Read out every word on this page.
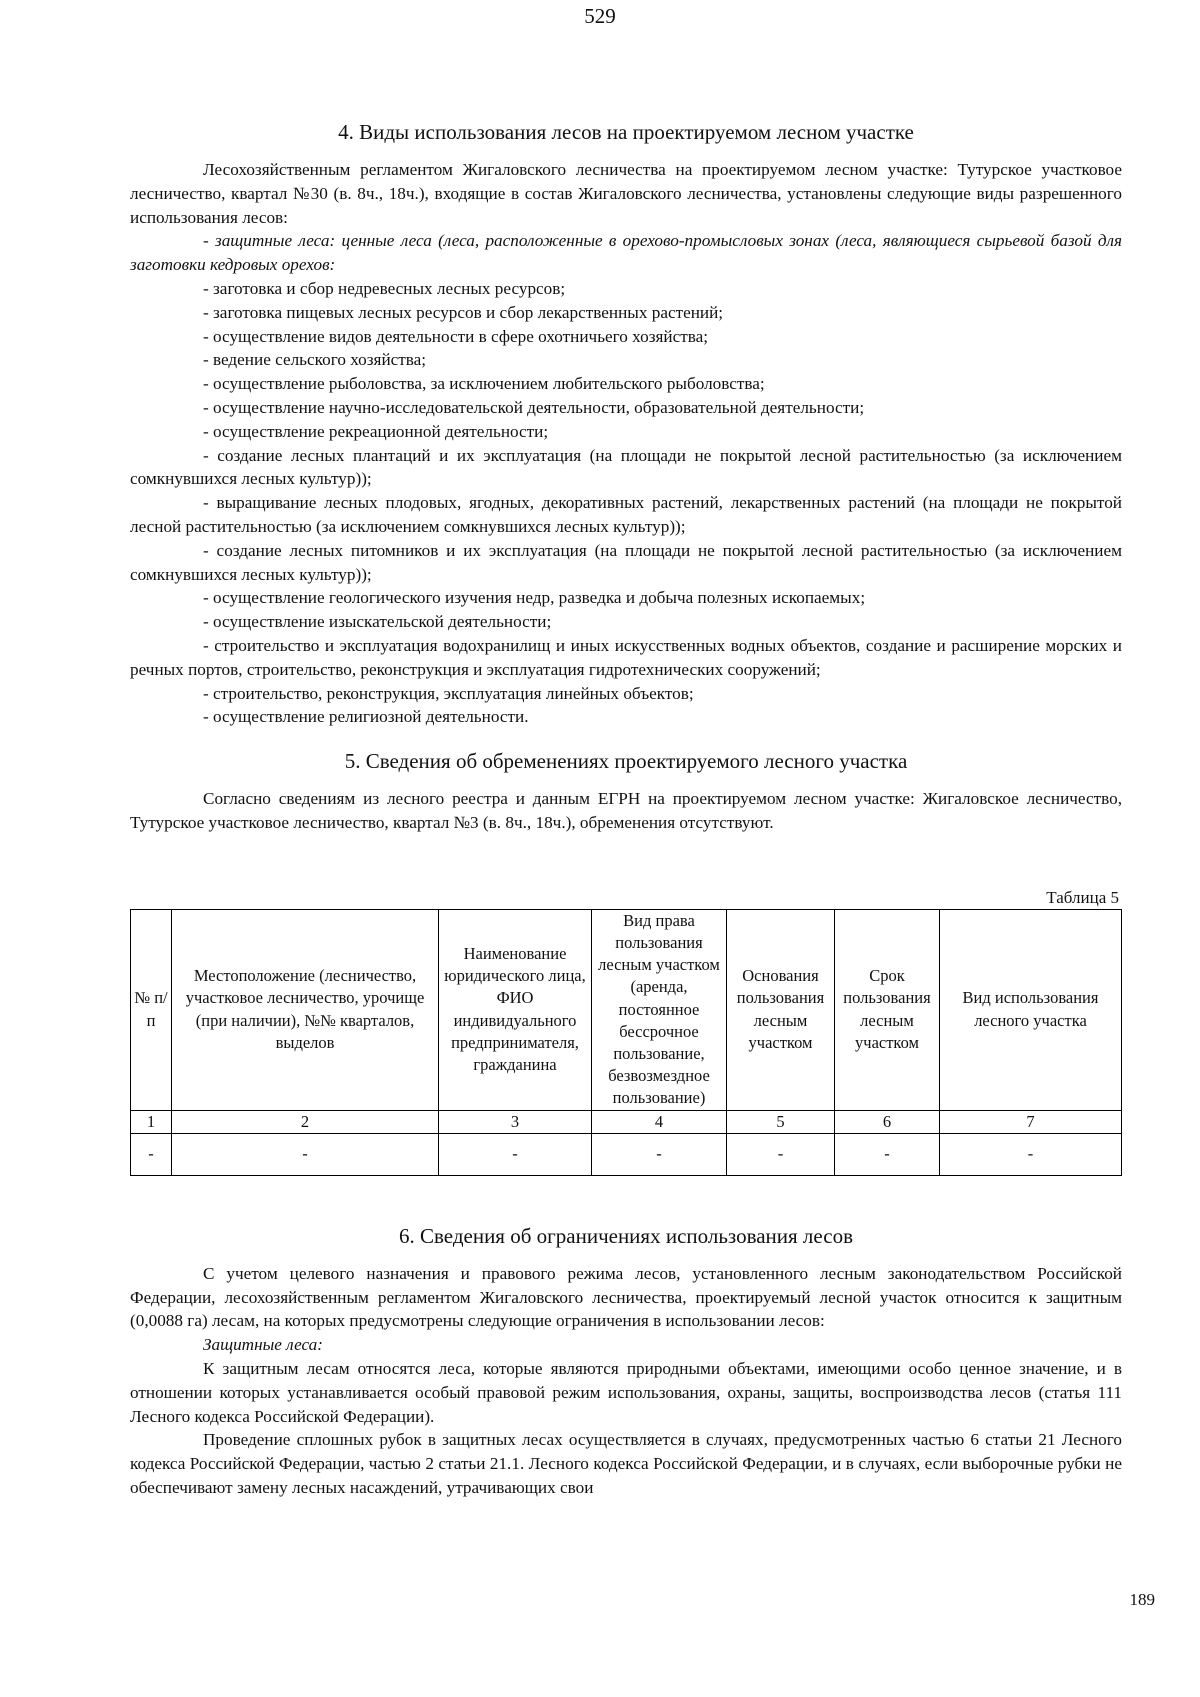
529
4. Виды использования лесов на проектируемом лесном участке

Лесохозяйственным регламентом Жигаловского лесничества на проектируемом лесном участке: Тутурское участковое лесничество, квартал №30 (в. 8ч., 18ч.), входящие в состав Жигаловского лесничества, установлены следующие виды разрешенного использования лесов:

- защитные леса: ценные леса (леса, расположенные в орехово-промысловых зонах (леса, являющиеся сырьевой базой для заготовки кедровых орехов:

- заготовка и сбор недревесных лесных ресурсов;

- заготовка пищевых лесных ресурсов и сбор лекарственных растений;

- осуществление видов деятельности в сфере охотничьего хозяйства;

- ведение сельского хозяйства;

- осуществление рыболовства, за исключением любительского рыболовства;

- осуществление научно-исследовательской деятельности, образовательной деятельности;

- осуществление рекреационной деятельности;

- создание лесных плантаций и их эксплуатация (на площади не покрытой лесной растительностью (за исключением сомкнувшихся лесных культур));

- выращивание лесных плодовых, ягодных, декоративных растений, лекарственных растений (на площади не покрытой лесной растительностью (за исключением сомкнувшихся лесных культур));

- создание лесных питомников и их эксплуатация (на площади не покрытой лесной растительностью (за исключением сомкнувшихся лесных культур));

- осуществление геологического изучения недр, разведка и добыча полезных ископаемых;

- осуществление изыскательской деятельности;

- строительство и эксплуатация водохранилищ и иных искусственных водных объектов, создание и расширение морских и речных портов, строительство, реконструкция и эксплуатация гидротехнических сооружений;

- строительство, реконструкция, эксплуатация линейных объектов;

- осуществление религиозной деятельности.

5. Сведения об обременениях проектируемого лесного участка

Согласно сведениям из лесного реестра и данным ЕГРН на проектируемом лесном участке: Жигаловское лесничество, Тутурское участковое лесничество, квартал №3 (в. 8ч., 18ч.), обременения отсутствуют.

Таблица 5
№ п/п	Местоположение (лесничество, участковое лесничество, урочище (при наличии), №№ кварталов, выделов	Наименование юридического лица, ФИО индивидуального предпринимателя, гражданина	Вид права пользования лесным участком (аренда, постоянное бессрочное пользование, безвозмездное пользование)	Основания пользования лесным участком	Срок пользования лесным участком	Вид использования лесного участка
1	2	3	4	5	6	7
-	-	-	-	-	-	-
6. Сведения об ограничениях использования лесов

С учетом целевого назначения и правового режима лесов, установленного лесным законодательством Российской Федерации, лесохозяйственным регламентом Жигаловского лесничества, проектируемый лесной участок относится к защитным (0,0088 га) лесам, на которых предусмотрены следующие ограничения в использовании лесов:

Защитные леса:

К защитным лесам относятся леса, которые являются природными объектами, имеющими особо ценное значение, и в отношении которых устанавливается особый правовой режим использования, охраны, защиты, воспроизводства лесов (статья 111 Лесного кодекса Российской Федерации).

Проведение сплошных рубок в защитных лесах осуществляется в случаях, предусмотренных частью 6 статьи 21 Лесного кодекса Российской Федерации, частью 2 статьи 21.1. Лесного кодекса Российской Федерации, и в случаях, если выборочные рубки не обеспечивают замену лесных насаждений, утрачивающих свои

189
